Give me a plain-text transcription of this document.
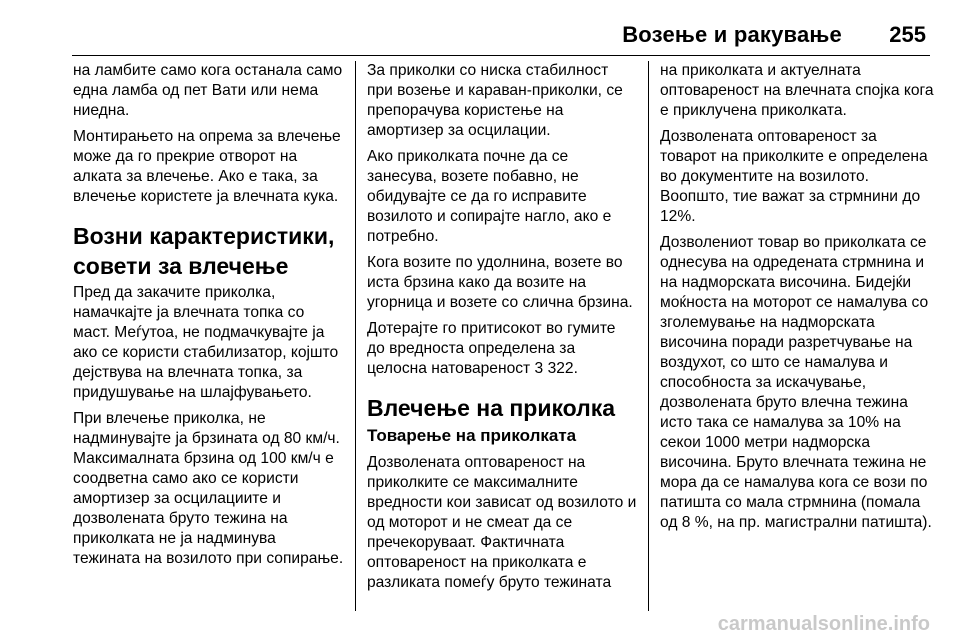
Возење и ракување 255

на ламбите само кога останала само една ламба од пет Вати или нема ниедна.

Монтирањето на опрема за влечење може да го прекрие отворот на алката за влечење. Ако е така, за влечење користете ја влечната кука.

Возни карактеристики, совети за влечење

Пред да закачите приколка, намачкајте ја влечната топка со маст. Меѓутоа, не подмачкувајте ја ако се користи стабилизатор, којшто дејствува на влечната топка, за придушување на шлајфувањето.

При влечење приколка, не надминувајте ја брзината од 80 км/ч. Максималната брзина од 100 км/ч е соодветна само ако се користи амортизер за осцилациите и дозволената бруто тежина на приколката не ја надминува тежината на возилото при сопирање.

За приколки со ниска стабилност при возење и караван-приколки, се препорачува користење на амортизер за осцилации.

Ако приколката почне да се занесува, возете побавно, не обидувајте се да го исправите возилото и сопирајте нагло, ако е потребно.

Кога возите по удолнина, возете во иста брзина како да возите на угорница и возете со слична брзина.

Дотерајте го притисокот во гумите до вредноста определена за целосна натовареност 3 322.

Влечење на приколка
Товарење на приколката

Дозволената оптовареност на приколките се максималните вредности кои зависат од возилото и од моторот и не смеат да се пречекоруваат. Фактичната оптовареност на приколката е разликата помеѓу бруто тежината

на приколката и актуелната оптовареност на влечната спојка кога е приклучена приколката.

Дозволената оптовареност за товарот на приколките е определена во документите на возилото. Воопшто, тие важат за стрмнини до 12%.

Дозволениот товар во приколката се однесува на одредената стрмнина и на надморската височина. Бидејќи моќноста на моторот се намалува со зголемување на надморската височина поради разретчување на воздухот, со што се намалува и способноста за искачување, дозволената бруто влечна тежина исто така се намалува за 10% на секои 1000 метри надморска височина. Бруто влечната тежина не мора да се намалува кога се вози по патишта со мала стрмнина (помала од 8 %, на пр. магистрални патишта).

carmanualsonline.info
